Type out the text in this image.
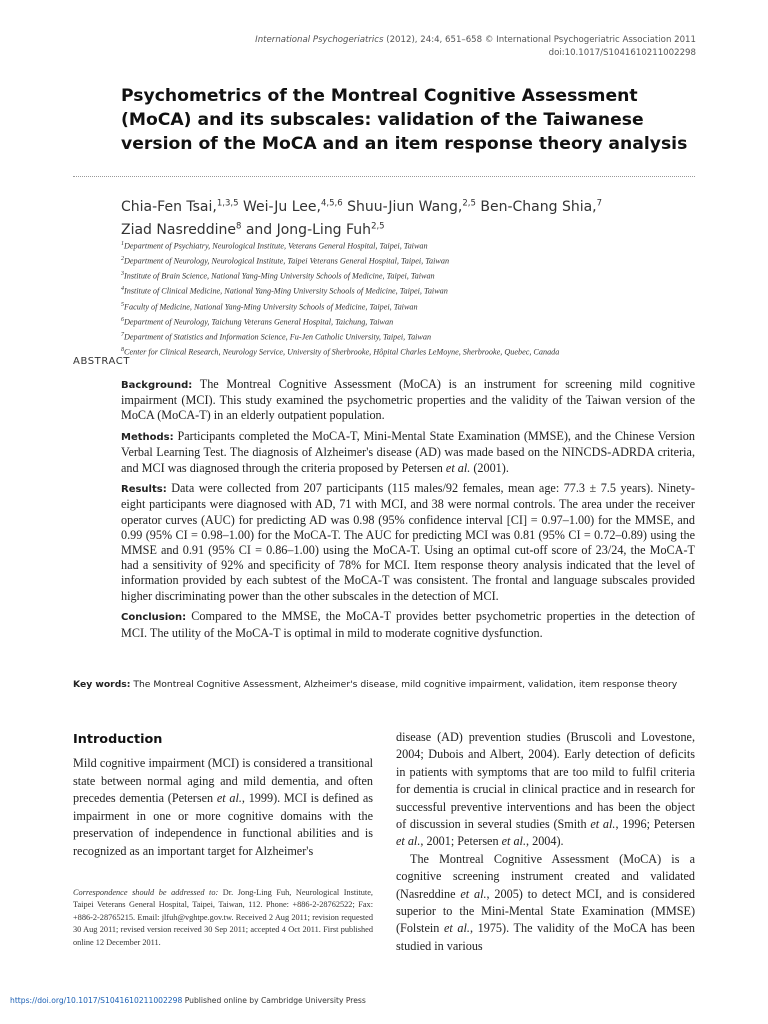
International Psychogeriatrics (2012), 24:4, 651–658 © International Psychogeriatric Association 2011
doi:10.1017/S1041610211002298
Psychometrics of the Montreal Cognitive Assessment (MoCA) and its subscales: validation of the Taiwanese version of the MoCA and an item response theory analysis
Chia-Fen Tsai,$^{1,3,5}$ Wei-Ju Lee,$^{4,5,6}$ Shuu-Jiun Wang,$^{2,5}$ Ben-Chang Shia,$^7$
Ziad Nasreddine$^8$ and Jong-Ling Fuh$^{2,5}$
$^1$Department of Psychiatry, Neurological Institute, Veterans General Hospital, Taipei, Taiwan
$^2$Department of Neurology, Neurological Institute, Taipei Veterans General Hospital, Taipei, Taiwan
$^3$Institute of Brain Science, National Yang-Ming University Schools of Medicine, Taipei, Taiwan
$^4$Institute of Clinical Medicine, National Yang-Ming University Schools of Medicine, Taipei, Taiwan
$^5$Faculty of Medicine, National Yang-Ming University Schools of Medicine, Taipei, Taiwan
$^6$Department of Neurology, Taichung Veterans General Hospital, Taichung, Taiwan
$^7$Department of Statistics and Information Science, Fu-Jen Catholic University, Taipei, Taiwan
$^8$Center for Clinical Research, Neurology Service, University of Sherbrooke, Hôpital Charles LeMoyne, Sherbrooke, Quebec, Canada
ABSTRACT

Background: The Montreal Cognitive Assessment (MoCA) is an instrument for screening mild cognitive impairment (MCI). This study examined the psychometric properties and the validity of the Taiwan version of the MoCA (MoCA-T) in an elderly outpatient population.

Methods: Participants completed the MoCA-T, Mini-Mental State Examination (MMSE), and the Chinese Version Verbal Learning Test. The diagnosis of Alzheimer's disease (AD) was made based on the NINCDS-ADRDA criteria, and MCI was diagnosed through the criteria proposed by Petersen et al. (2001).

Results: Data were collected from 207 participants (115 males/92 females, mean age: 77.3 ± 7.5 years). Ninety-eight participants were diagnosed with AD, 71 with MCI, and 38 were normal controls. The area under the receiver operator curves (AUC) for predicting AD was 0.98 (95% confidence interval [CI] = 0.97–1.00) for the MMSE, and 0.99 (95% CI = 0.98–1.00) for the MoCA-T. The AUC for predicting MCI was 0.81 (95% CI = 0.72–0.89) using the MMSE and 0.91 (95% CI = 0.86–1.00) using the MoCA-T. Using an optimal cut-off score of 23/24, the MoCA-T had a sensitivity of 92% and specificity of 78% for MCI. Item response theory analysis indicated that the level of information provided by each subtest of the MoCA-T was consistent. The frontal and language subscales provided higher discriminating power than the other subscales in the detection of MCI.

Conclusion: Compared to the MMSE, the MoCA-T provides better psychometric properties in the detection of MCI. The utility of the MoCA-T is optimal in mild to moderate cognitive dysfunction.

Key words: The Montreal Cognitive Assessment, Alzheimer's disease, mild cognitive impairment, validation, item response theory
Introduction

Mild cognitive impairment (MCI) is considered a transitional state between normal aging and mild dementia, and often precedes dementia (Petersen et al., 1999). MCI is defined as impairment in one or more cognitive domains with the preservation of independence in functional abilities and is recognized as an important target for Alzheimer's

Correspondence should be addressed to: Dr. Jong-Ling Fuh, Neurological Institute, Taipei Veterans General Hospital, Taipei, Taiwan, 112. Phone: +886-2-28762522; Fax: +886-2-28765215. Email: jlfuh@vghtpe.gov.tw. Received 2 Aug 2011; revision requested 30 Aug 2011; revised version received 30 Sep 2011; accepted 4 Oct 2011. First published online 12 December 2011.

disease (AD) prevention studies (Bruscoli and Lovestone, 2004; Dubois and Albert, 2004). Early detection of deficits in patients with symptoms that are too mild to fulfil criteria for dementia is crucial in clinical practice and in research for successful preventive interventions and has been the object of discussion in several studies (Smith et al., 1996; Petersen et al., 2001; Petersen et al., 2004).

The Montreal Cognitive Assessment (MoCA) is a cognitive screening instrument created and validated (Nasreddine et al., 2005) to detect MCI, and is considered superior to the Mini-Mental State Examination (MMSE) (Folstein et al., 1975). The validity of the MoCA has been studied in various

https://doi.org/10.1017/S1041610211002298 Published online by Cambridge University Press
